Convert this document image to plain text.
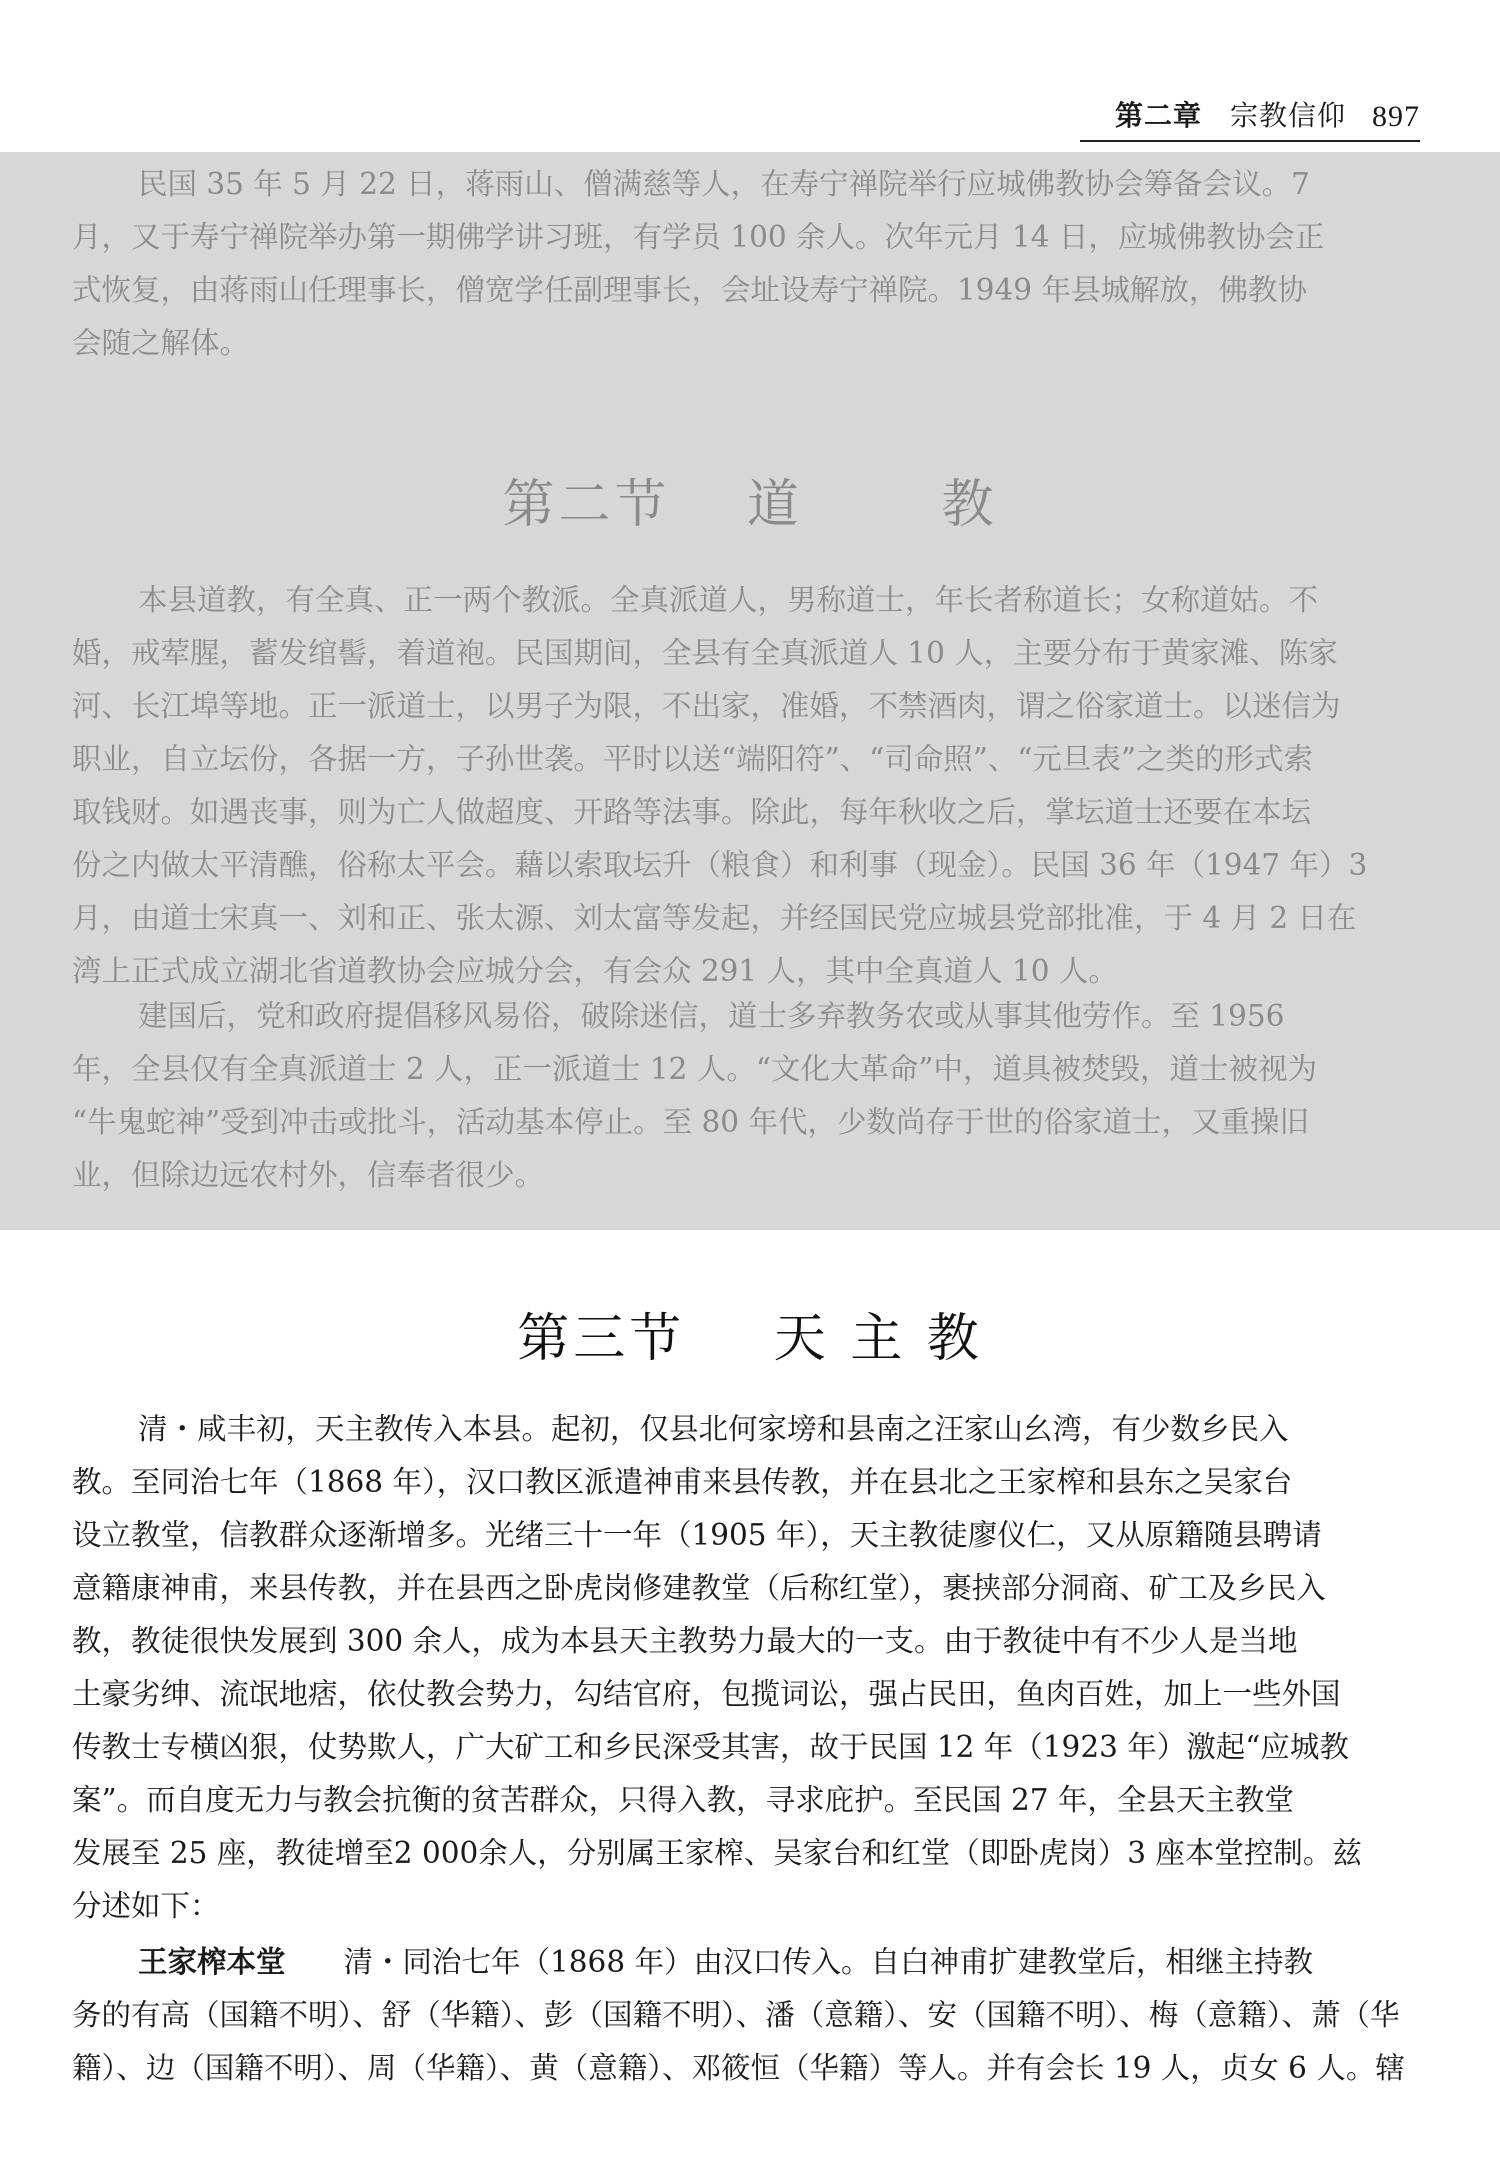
第二章 宗教信仰 897
民国 35 年 5 月 22 日，蒋雨山、僧满慈等人，在寿宁禅院举行应城佛教协会筹备会议。7
月，又于寿宁禅院举办第一期佛学讲习班，有学员 100 余人。次年元月 14 日，应城佛教协会正
式恢复，由蒋雨山任理事长，僧宽学任副理事长，会址设寿宁禅院。1949 年县城解放，佛教协
会随之解体。
第二节 道	教
本县道教，有全真、正一两个教派。全真派道人，男称道士，年长者称道长；女称道姑。不
婚，戒荤腥，蓄发绾髻，着道袍。民国期间，全县有全真派道人 10 人，主要分布于黄家滩、陈家
河、长江埠等地。正一派道士，以男子为限，不出家，准婚，不禁酒肉，谓之俗家道士。以迷信为
职业，自立坛份，各据一方，子孙世袭。平时以送“端阳符”、“司命照”、“元旦表”之类的形式索
取钱财。如遇丧事，则为亡人做超度、开路等法事。除此，每年秋收之后，掌坛道士还要在本坛
份之内做太平清醮，俗称太平会。藉以索取坛升（粮食）和利事（现金）。民国 36 年（1947 年）3
月，由道士宋真一、刘和正、张太源、刘太富等发起，并经国民党应城县党部批准，于 4 月 2 日在
湾上正式成立湖北省道教协会应城分会，有会众 291 人，其中全真道人 10 人。
建国后，党和政府提倡移风易俗，破除迷信，道士多弃教务农或从事其他劳作。至 1956
年，全县仅有全真派道士 2 人，正一派道士 12 人。“文化大革命”中，道具被焚毁，道士被视为
“牛鬼蛇神”受到冲击或批斗，活动基本停止。至 80 年代，少数尚存于世的俗家道士，又重操旧
业，但除边远农村外，信奉者很少。
第三节 天 主 教
清・咸丰初，天主教传入本县。起初，仅县北何家塝和县南之汪家山幺湾，有少数乡民入
教。至同治七年（1868 年），汉口教区派遣神甫来县传教，并在县北之王家榨和县东之吴家台
设立教堂，信教群众逐渐增多。光绪三十一年（1905 年），天主教徒廖仪仁，又从原籍随县聘请
意籍康神甫，来县传教，并在县西之卧虎岗修建教堂（后称红堂），裹挟部分洞商、矿工及乡民入
教，教徒很快发展到 300 余人，成为本县天主教势力最大的一支。由于教徒中有不少人是当地
土豪劣绅、流氓地痞，依仗教会势力，勾结官府，包揽词讼，强占民田，鱼肉百姓，加上一些外国
传教士专横凶狠，仗势欺人，广大矿工和乡民深受其害，故于民国 12 年（1923 年）激起“应城教
案”。而自度无力与教会抗衡的贫苦群众，只得入教，寻求庇护。至民国 27 年，全县天主教堂
发展至 25 座，教徒增至2 000余人，分别属王家榨、吴家台和红堂（即卧虎岗）3 座本堂控制。兹
分述如下：
王家榨本堂 清・同治七年（1868 年）由汉口传入。自白神甫扩建教堂后，相继主持教
务的有高（国籍不明）、舒（华籍）、彭（国籍不明）、潘（意籍）、安（国籍不明）、梅（意籍）、萧（华
籍）、边（国籍不明）、周（华籍）、黄（意籍）、邓筱恒（华籍）等人。并有会长 19 人，贞女 6 人。辖
